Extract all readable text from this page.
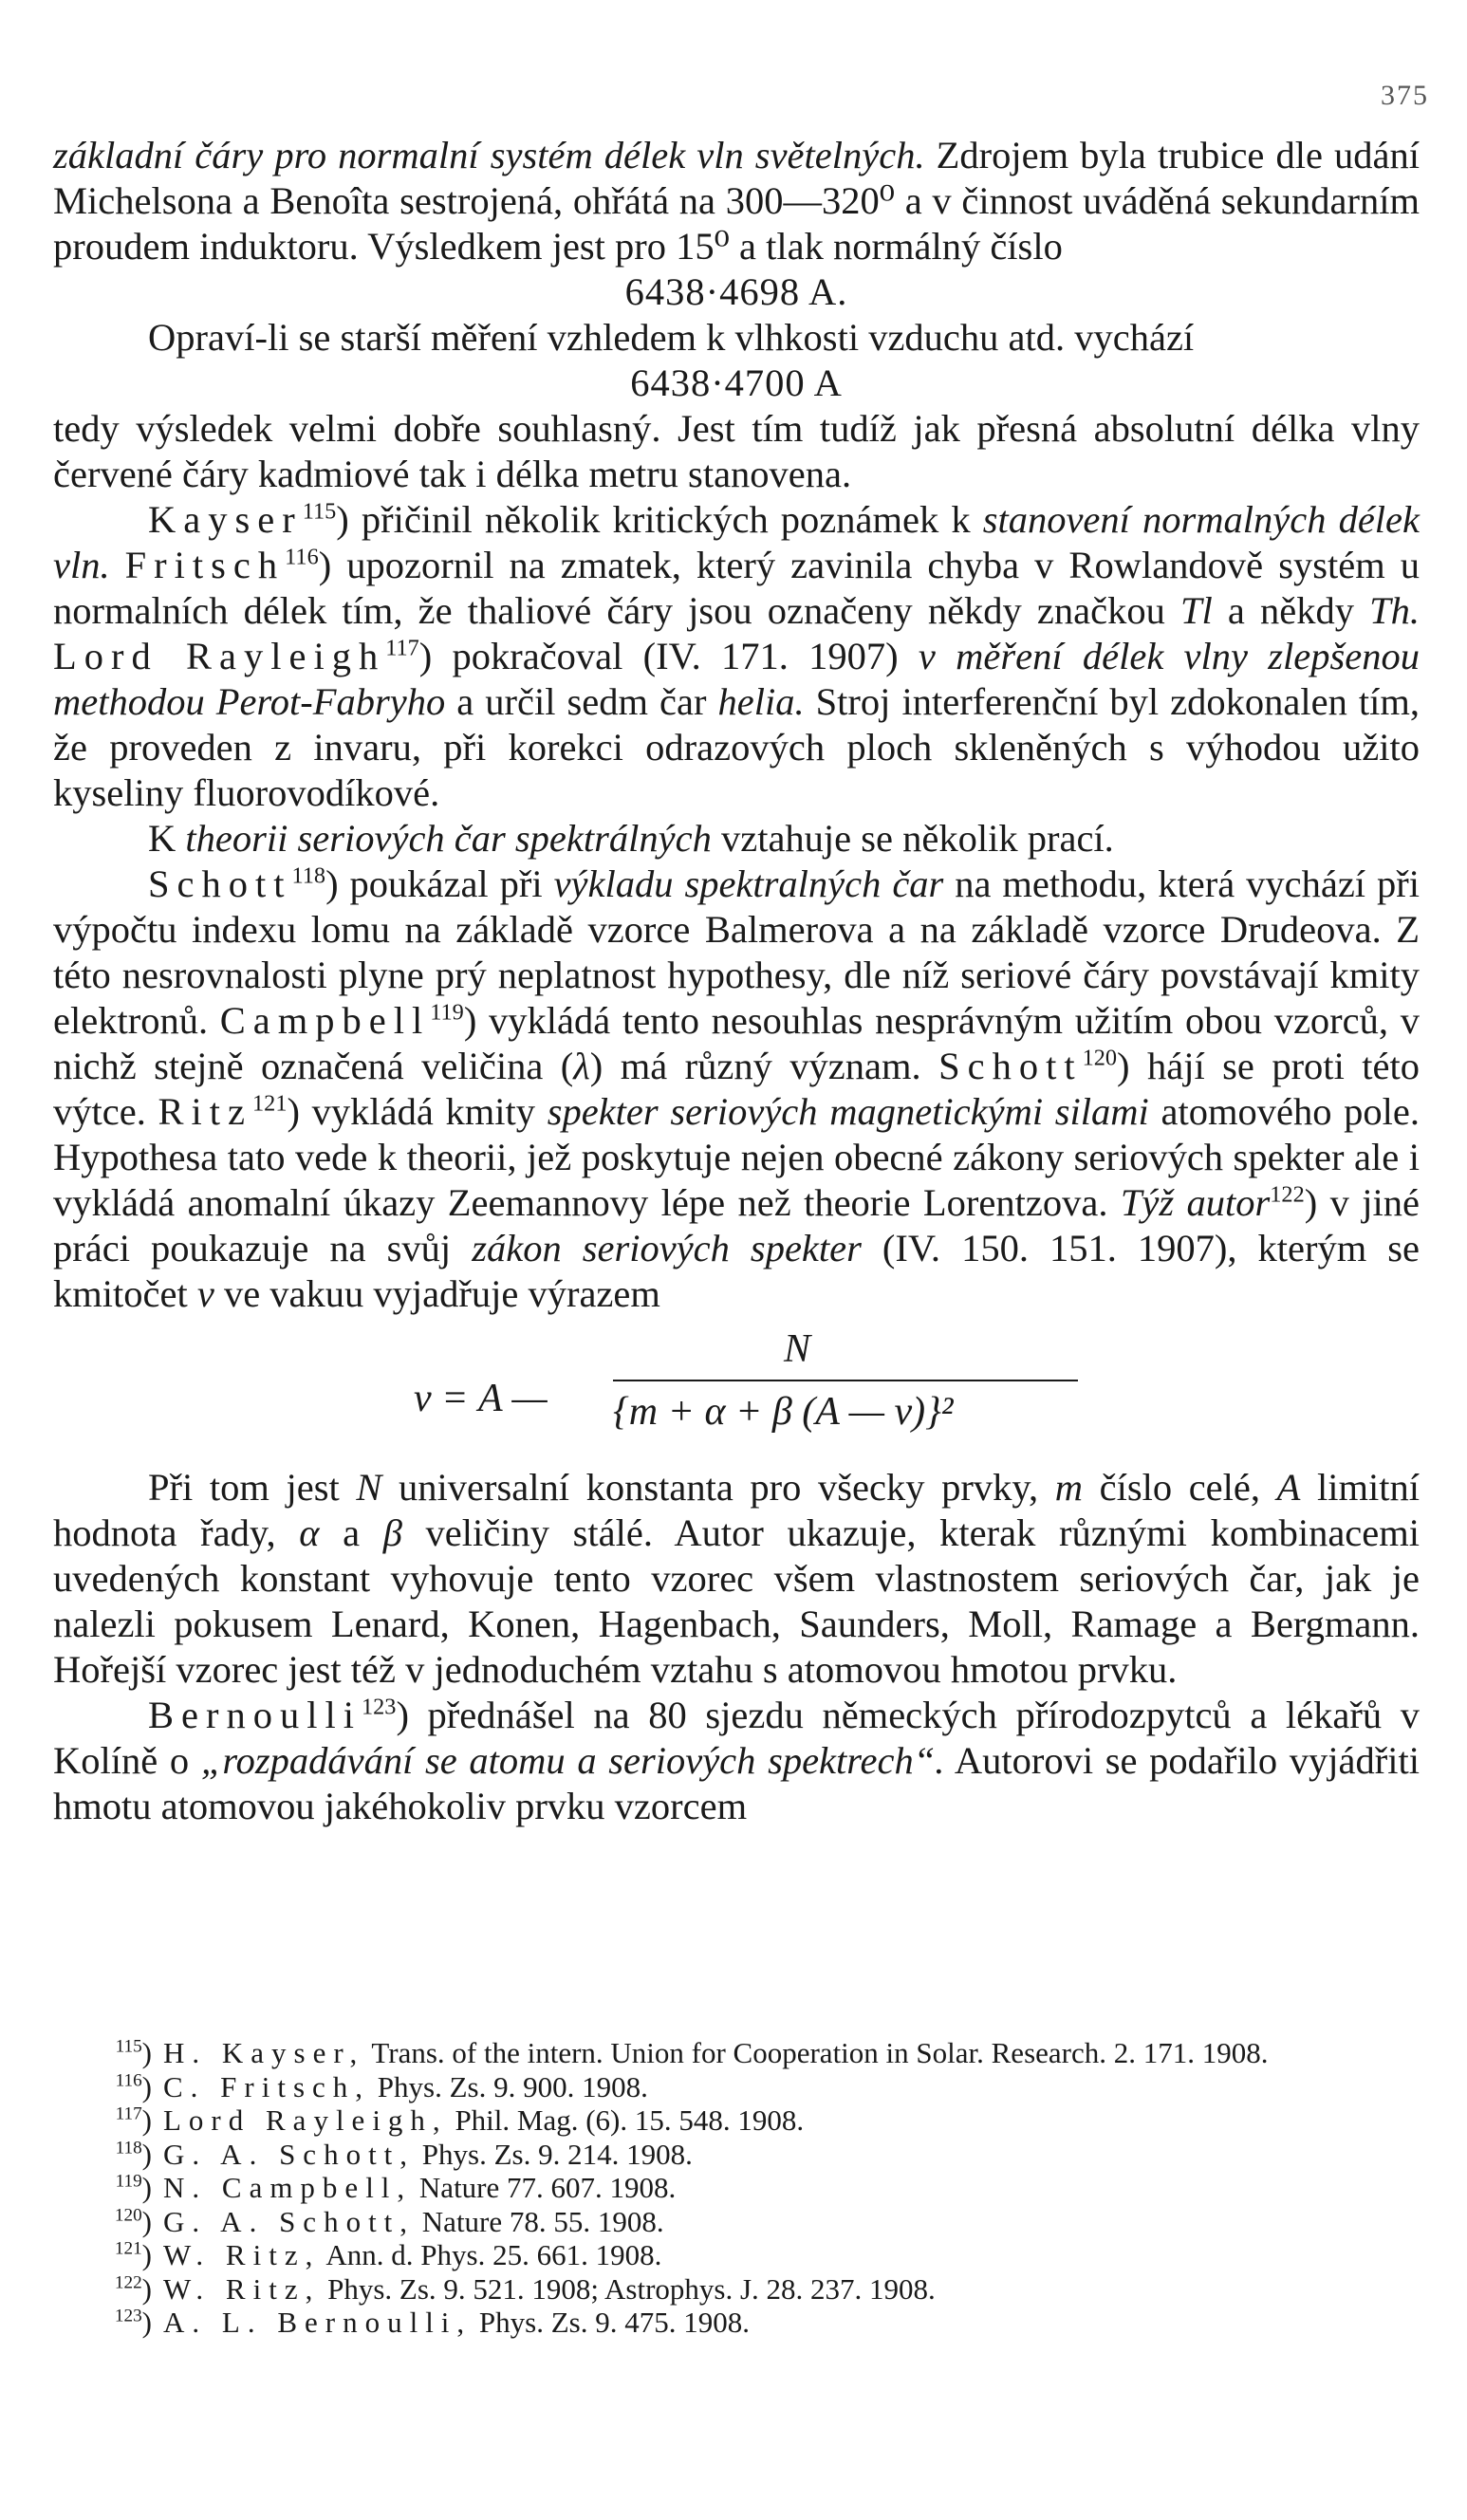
375

základní čáry pro normalní systém délek vln světelných. Zdrojem byla trubice dle udání Michelsona a Benoîta sestrojená, ohřátá na 300—320⁰ a v činnost uváděná sekundarním proudem induktoru. Výsledkem jest pro 15⁰ a tlak normálný číslo

6438·4698 A.

Opraví-li se starší měření vzhledem k vlhkosti vzduchu atd. vychází

6438·4700 A

tedy výsledek velmi dobře souhlasný. Jest tím tudíž jak přesná absolutní délka vlny červené čáry kadmiové tak i délka metru stanovena.

Kayser$^{115}$) přičinil několik kritických poznámek k stanovení normalných délek vln. Fritsch$^{116}$) upozornil na zmatek, který zavinila chyba v Rowlandově systém u normalních délek tím, že thaliové čáry jsou označeny někdy značkou Tl a někdy Th. Lord Rayleigh$^{117}$) pokračoval (IV. 171. 1907) v měření délek vlny zlepšenou methodou Perot-Fabryho a určil sedm čar helia. Stroj interferenční byl zdokonalen tím, že proveden z invaru, při korekci odrazových ploch skleněných s výhodou užito kyseliny fluorovodíkové.

K theorii seriových čar spektrálných vztahuje se několik prací.

Schott$^{118}$) poukázal při výkladu spektralných čar na methodu, která vychází při výpočtu indexu lomu na základě vzorce Balmerova a na základě vzorce Drudeova. Z této nesrovnalosti plyne prý neplatnost hypothesy, dle níž seriové čáry povstávají kmity elektronů. Campbell$^{119}$) vykládá tento nesouhlas nesprávným užitím obou vzorců, v nichž stejně označená veličina (λ) má různý význam. Schott$^{120}$) hájí se proti této výtce. Ritz$^{121}$) vykládá kmity spekter seriových magnetickými silami atomového pole. Hypothesa tato vede k theorii, jež poskytuje nejen obecné zákony seriových spekter ale i vykládá anomalní úkazy Zeemannovy lépe než theorie Lorentzova. Týž autor$^{122}$) v jiné práci poukazuje na svůj zákon seriových spekter (IV. 150. 151. 1907), kterým se kmitočet ν ve vakuu vyjadřuje výrazem

ν = A —
N
{m + α + β (A — ν)}²

Při tom jest N universalní konstanta pro všecky prvky, m číslo celé, A limitní hodnota řady, α a β veličiny stálé. Autor ukazuje, kterak různými kombinacemi uvedených konstant vyhovuje tento vzorec všem vlastnostem seriových čar, jak je nalezli pokusem Lenard, Konen, Hagenbach, Saunders, Moll, Ramage a Bergmann. Hořejší vzorec jest též v jednoduchém vztahu s atomovou hmotou prvku.

Bernoulli$^{123}$) přednášel na 80 sjezdu německých přírodozpytců a lékařů v Kolíně o „rozpadávání se atomu a seriových spektrech“. Autorovi se podařilo vyjádřiti hmotu atomovou jakéhokoliv prvku vzorcem

$^{115}$) H. Kayser, Trans. of the intern. Union for Cooperation in Solar. Research. 2. 171. 1908.
$^{116}$) C. Fritsch, Phys. Zs. 9. 900. 1908.
$^{117}$) Lord Rayleigh, Phil. Mag. (6). 15. 548. 1908.
$^{118}$) G. A. Schott, Phys. Zs. 9. 214. 1908.
$^{119}$) N. Campbell, Nature 77. 607. 1908.
$^{120}$) G. A. Schott, Nature 78. 55. 1908.
$^{121}$) W. Ritz, Ann. d. Phys. 25. 661. 1908.
$^{122}$) W. Ritz, Phys. Zs. 9. 521. 1908; Astrophys. J. 28. 237. 1908.
$^{123}$) A. L. Bernoulli, Phys. Zs. 9. 475. 1908.
